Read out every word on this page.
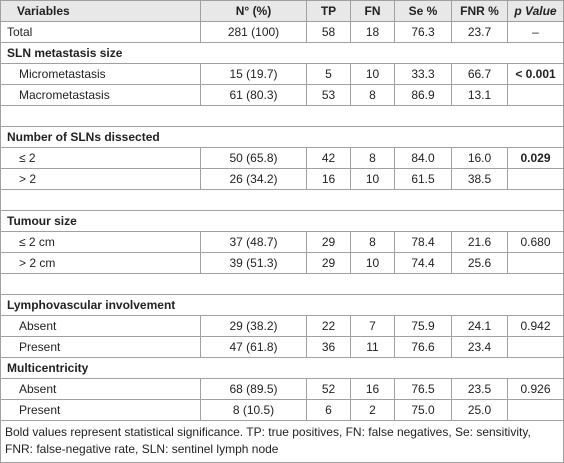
Variables	N° (%)	TP	FN	Se %	FNR %	p Value
Total	281 (100)	58	18	76.3	23.7	–
SLN metastasis size						
Micrometastasis	15 (19.7)	5	10	33.3	66.7	< 0.001
Macrometastasis	61 (80.3)	53	8	86.9	13.1	

Number of SLNs dissected						
≤ 2	50 (65.8)	42	8	84.0	16.0	0.029
> 2	26 (34.2)	16	10	61.5	38.5	

Tumour size						
≤ 2 cm	37 (48.7)	29	8	78.4	21.6	0.680
> 2 cm	39 (51.3)	29	10	74.4	25.6	

Lymphovascular involvement						
Absent	29 (38.2)	22	7	75.9	24.1	0.942
Present	47 (61.8)	36	11	76.6	23.4	
Multicentricity						
Absent	68 (89.5)	52	16	76.5	23.5	0.926
Present	8 (10.5)	6	2	75.0	25.0	
Bold values represent statistical significance. TP: true positives, FN: false negatives, Se: sensitivity, FNR: false-negative rate, SLN: sentinel lymph node						
